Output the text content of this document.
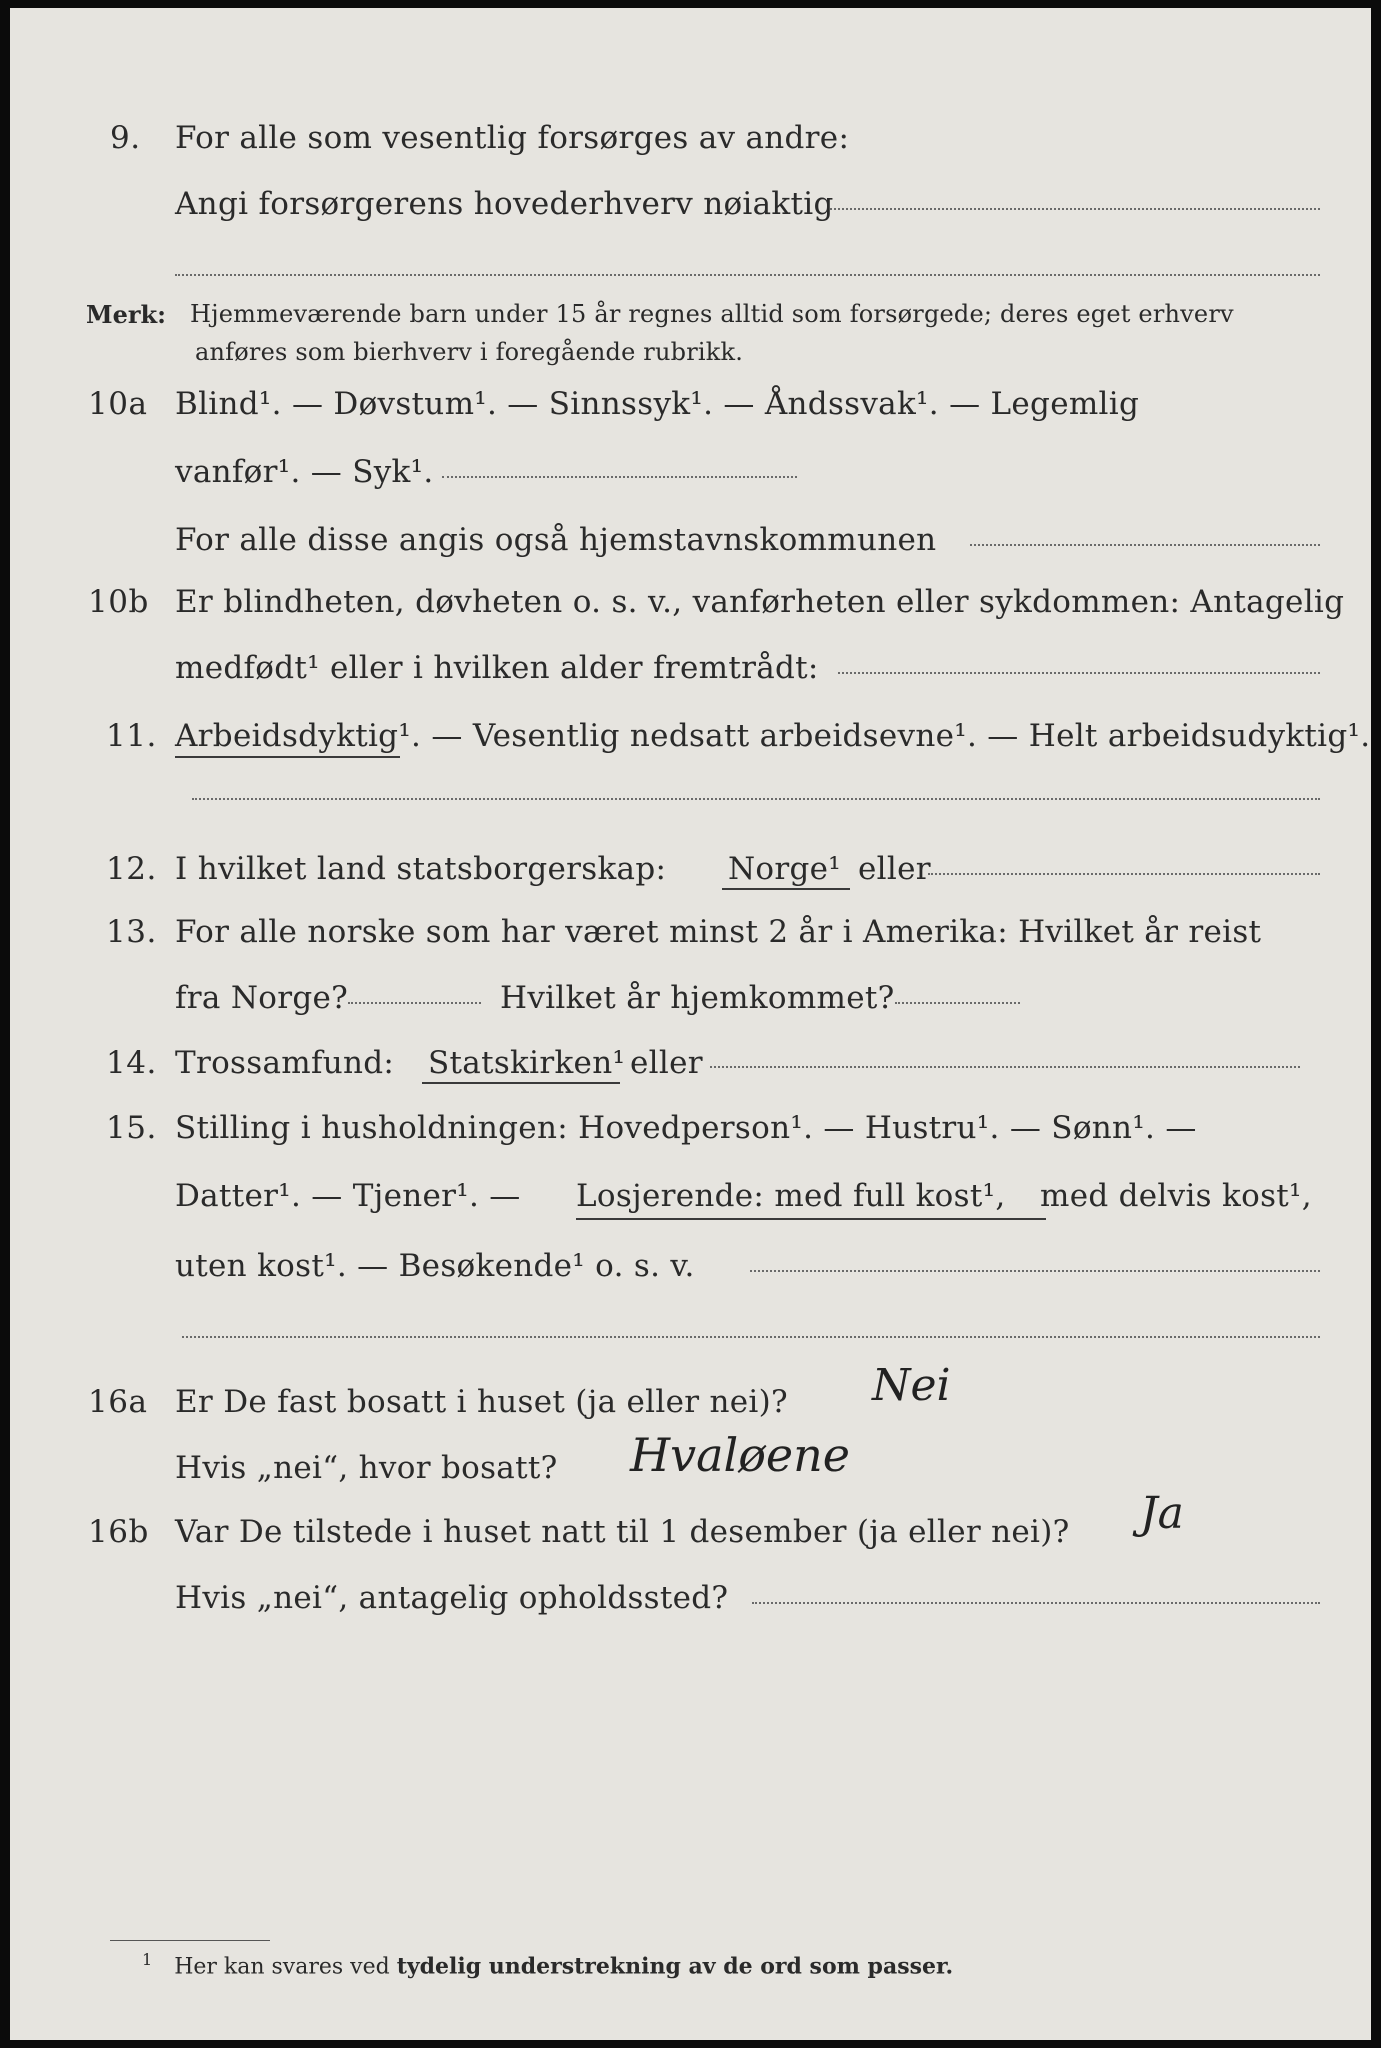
9. For alle som vesentlig forsørges av andre:
Angi forsørgerens hovederhverv nøiaktig
Merk: Hjemmeværende barn under 15 år regnes alltid som forsørgede; deres eget erhverv
anføres som bierhverv i foregående rubrikk.
10a Blind¹. — Døvstum¹. — Sinnssyk¹. — Åndssvak¹. — Legemlig
vanfør¹. — Syk¹.
For alle disse angis også hjemstavnskommunen
10b Er blindheten, døvheten o. s. v., vanførheten eller sykdommen: Antagelig
medfødt¹ eller i hvilken alder fremtrådt:
11. Arbeidsdyktig¹. — Vesentlig nedsatt arbeidsevne¹. — Helt arbeidsudyktig¹.
12. I hvilket land statsborgerskap: Norge¹ eller
13. For alle norske som har været minst 2 år i Amerika: Hvilket år reist
fra Norge?	Hvilket år hjemkommet?
14. Trossamfund: Statskirken¹ eller
15. Stilling i husholdningen: Hovedperson¹. — Hustru¹. — Sønn¹. —
Datter¹. — Tjener¹. — Losjerende: med full kost¹, med delvis kost¹,
uten kost¹. — Besøkende¹ o. s. v.
16a Er De fast bosatt i huset (ja eller nei)? Nei
Hvis „nei“, hvor bosatt? Hvaløene
16b Var De tilstede i huset natt til 1 desember (ja eller nei)? Ja
Hvis „nei“, antagelig opholdssted?
$^1$ Her kan svares ved tydelig understrekning av de ord som passer.
